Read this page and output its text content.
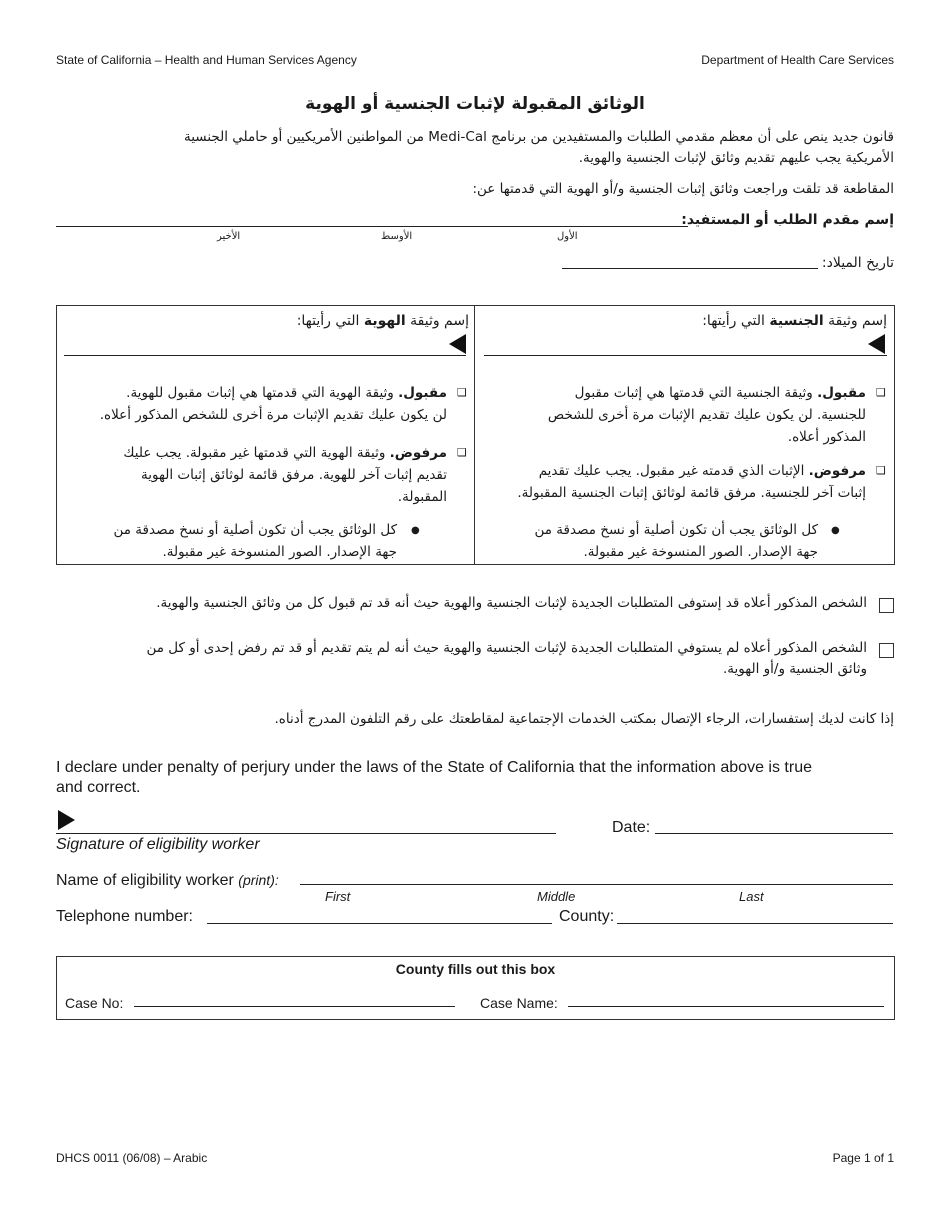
State of California – Health and Human Services Agency	Department of Health Care Services
الوثائق المقبولة لإثبات الجنسية أو الهوية
قانون جديد ينص على أن معظم مقدمي الطلبات والمستفيدين من برنامج Medi-Cal من المواطنين الأمريكيين أو حاملي الجنسية
الأمريكية يجب عليهم تقديم وثائق لإثبات الجنسية والهوية.
المقاطعة قد تلقت وراجعت وثائق إثبات الجنسية و/أو الهوية التي قدمتها عن:
إسم مقدم الطلب أو المستفيد:
الأول
الأوسط
الأخير
تاريخ الميلاد:
إسم وثيقة الجنسية التي رأيتها:
❑
مقبول. وثيقة الجنسية التي قدمتها هي إثبات مقبول
للجنسية. لن يكون عليك تقديم الإثبات مرة أخرى للشخص
المذكور أعلاه.
❑
مرفوض. الإثبات الذي قدمته غير مقبول. يجب عليك تقديم
إثبات آخر للجنسية. مرفق قائمة لوثائق إثبات الجنسية المقبولة.
●
كل الوثائق يجب أن تكون أصلية أو نسخ مصدقة من
جهة الإصدار. الصور المنسوخة غير مقبولة.
إسم وثيقة الهوية التي رأيتها:
❑
مقبول. وثيقة الهوية التي قدمتها هي إثبات مقبول للهوية.
لن يكون عليك تقديم الإثبات مرة أخرى للشخص المذكور أعلاه.
❑
مرفوض. وثيقة الهوية التي قدمتها غير مقبولة. يجب عليك
تقديم إثبات آخر للهوية. مرفق قائمة لوثائق إثبات الهوية
المقبولة.
●
كل الوثائق يجب أن تكون أصلية أو نسخ مصدقة من
جهة الإصدار. الصور المنسوخة غير مقبولة.
الشخص المذكور أعلاه قد إستوفى المتطلبات الجديدة لإثبات الجنسية والهوية حيث أنه قد تم قبول كل من وثائق الجنسية والهوية.
الشخص المذكور أعلاه لم يستوفي المتطلبات الجديدة لإثبات الجنسية والهوية حيث أنه لم يتم تقديم أو قد تم رفض إحدى أو كل من
وثائق الجنسية و/أو الهوية.
إذا كانت لديك إستفسارات، الرجاء الإتصال بمكتب الخدمات الإجتماعية لمقاطعتك على رقم التلفون المدرج أدناه.
I declare under penalty of perjury under the laws of the State of California that the information above is true
and correct.
Signature of eligibility worker
Date:
Name of eligibility worker (print):
First	Middle	Last
Telephone number:	County:
County fills out this box
Case No:	Case Name:
DHCS 0011 (06/08) – Arabic	Page 1 of 1
